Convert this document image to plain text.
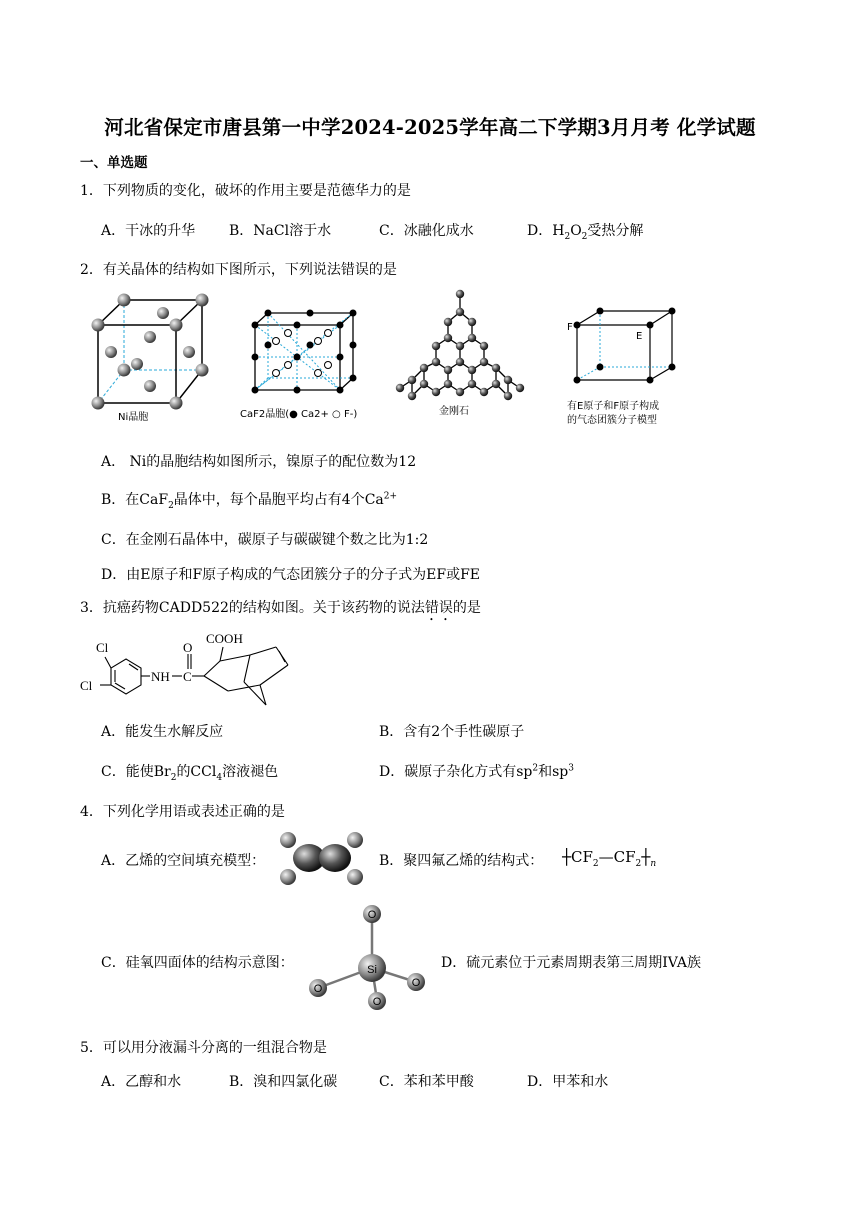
河北省保定市唐县第一中学2024-2025学年高二下学期3月月考 化学试题
一、单选题
1．下列物质的变化，破坏的作用主要是范德华力的是
A．干冰的升华 B．NaCl溶于水	C．冰融化成水	D．$H_2O_2$受热分解
2．有关晶体的结构如下图所示，下列说法错误的是
Ni晶胞	CaF2晶胞(● Ca2+ ○ F-)	金刚石
F
E
有E原子和F原子构成
的气态团簇分子模型
A． Ni的晶胞结构如图所示，镍原子的配位数为12
B．在CaF$_2$晶体中，每个晶胞平均占有4个$Ca^{2+}$
C．在金刚石晶体中，碳原子与碳碳键个数之比为1:2
D．由E原子和F原子构成的气态团簇分子的分子式为EF或FE
3．抗癌药物CADD522的结构如图。关于该药物的说法错误的是
Cl
Cl
NH C
O
COOH
A．能发生水解反应	B．含有2个手性碳原子
C．能使$Br_2$的CCl$_4$溶液褪色	D．碳原子杂化方式有$sp^2$和$sp^3$
4．下列化学用语或表述正确的是
A．乙烯的空间填充模型：	B．聚四氟乙烯的结构式： $┼CF_2—CF_2┼_n$
C．硅氧四面体的结构示意图：
O
O	O
O
Si	D．硫元素位于元素周期表第三周期IVA族
5．可以用分液漏斗分离的一组混合物是
A．乙醇和水	B．溴和四氯化碳	C．苯和苯甲酸	D．甲苯和水
